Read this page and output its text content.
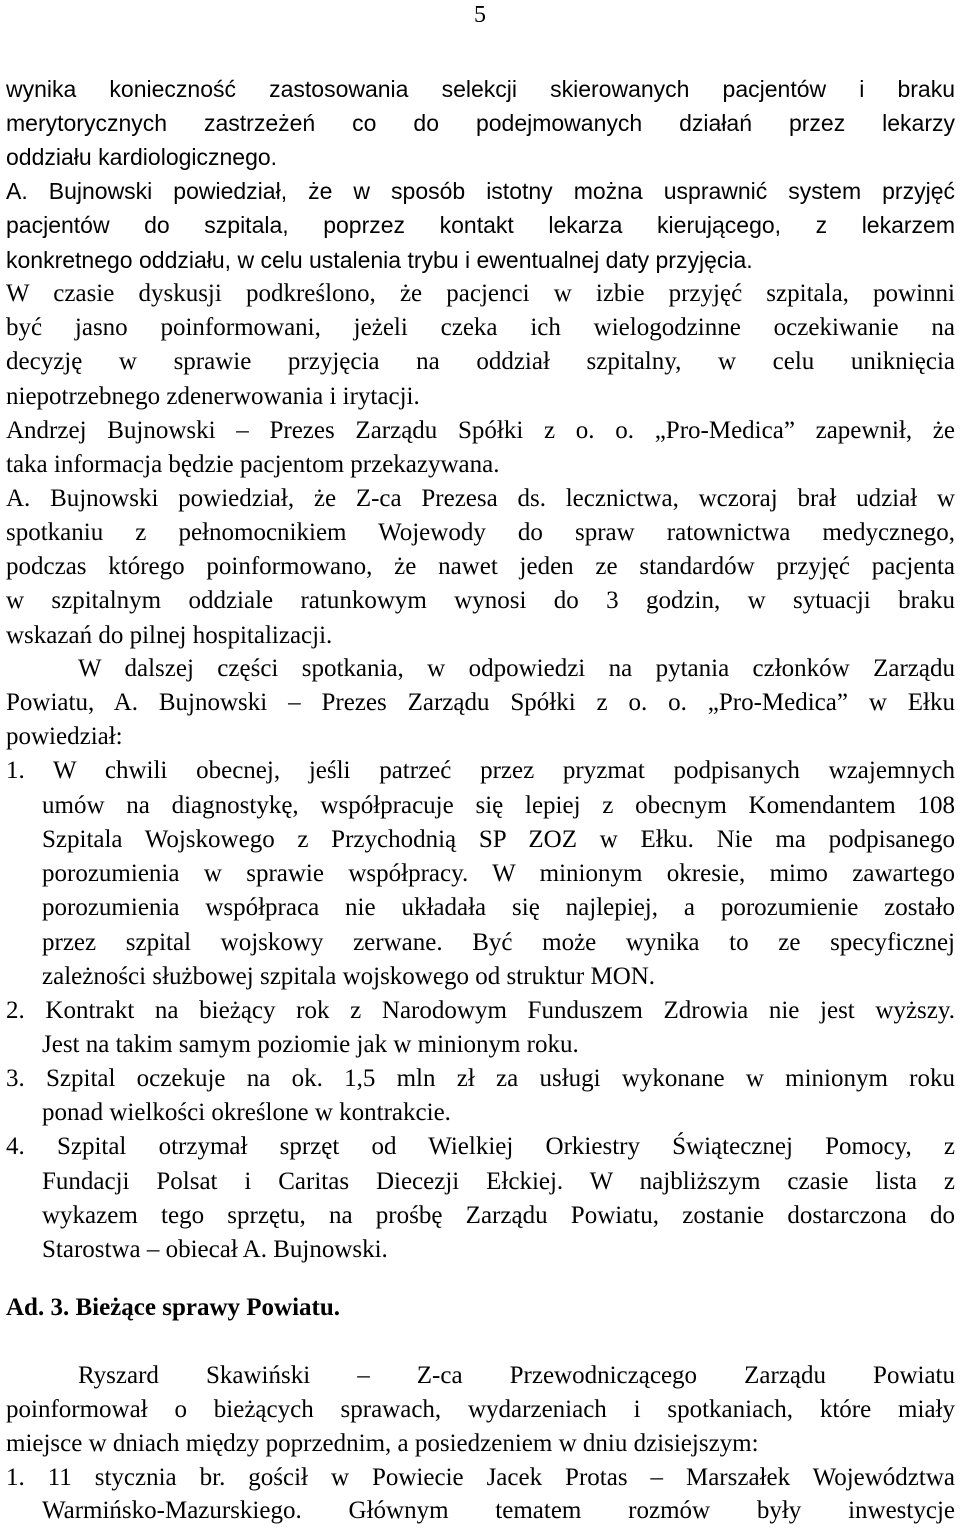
5
wynika konieczność zastosowania selekcji skierowanych pacjentów i braku
merytorycznych zastrzeżeń co do podejmowanych działań przez lekarzy
oddziału kardiologicznego.
A. Bujnowski powiedział, że w sposób istotny można usprawnić system przyjęć
pacjentów do szpitala, poprzez kontakt lekarza kierującego, z lekarzem
konkretnego oddziału, w celu ustalenia trybu i ewentualnej daty przyjęcia.
W czasie dyskusji podkreślono, że pacjenci w izbie przyjęć szpitala, powinni
być jasno poinformowani, jeżeli czeka ich wielogodzinne oczekiwanie na
decyzję w sprawie przyjęcia na oddział szpitalny, w celu uniknięcia
niepotrzebnego zdenerwowania i irytacji.
Andrzej Bujnowski – Prezes Zarządu Spółki z o. o. „Pro-Medica” zapewnił, że
taka informacja będzie pacjentom przekazywana.
A. Bujnowski powiedział, że Z-ca Prezesa ds. lecznictwa, wczoraj brał udział w
spotkaniu z pełnomocnikiem Wojewody do spraw ratownictwa medycznego,
podczas którego poinformowano, że nawet jeden ze standardów przyjęć pacjenta
w szpitalnym oddziale ratunkowym wynosi do 3 godzin, w sytuacji braku
wskazań do pilnej hospitalizacji.
W dalszej części spotkania, w odpowiedzi na pytania członków Zarządu
Powiatu, A. Bujnowski – Prezes Zarządu Spółki z o. o. „Pro-Medica” w Ełku
powiedział:
1. W chwili obecnej, jeśli patrzeć przez pryzmat podpisanych wzajemnych
umów na diagnostykę, współpracuje się lepiej z obecnym Komendantem 108
Szpitala Wojskowego z Przychodnią SP ZOZ w Ełku. Nie ma podpisanego
porozumienia w sprawie współpracy. W minionym okresie, mimo zawartego
porozumienia współpraca nie układała się najlepiej, a porozumienie zostało
przez szpital wojskowy zerwane. Być może wynika to ze specyficznej
zależności służbowej szpitala wojskowego od struktur MON.
2. Kontrakt na bieżący rok z Narodowym Funduszem Zdrowia nie jest wyższy.
Jest na takim samym poziomie jak w minionym roku.
3. Szpital oczekuje na ok. 1,5 mln zł za usługi wykonane w minionym roku
ponad wielkości określone w kontrakcie.
4. Szpital otrzymał sprzęt od Wielkiej Orkiestry Świątecznej Pomocy, z
Fundacji Polsat i Caritas Diecezji Ełckiej. W najbliższym czasie lista z
wykazem tego sprzętu, na prośbę Zarządu Powiatu, zostanie dostarczona do
Starostwa – obiecał A. Bujnowski.
Ad. 3. Bieżące sprawy Powiatu.
Ryszard Skawiński – Z-ca Przewodniczącego Zarządu Powiatu
poinformował o bieżących sprawach, wydarzeniach i spotkaniach, które miały
miejsce w dniach między poprzednim, a posiedzeniem w dniu dzisiejszym:
1. 11 stycznia br. gościł w Powiecie Jacek Protas – Marszałek Województwa
Warmińsko-Mazurskiego. Głównym tematem rozmów były inwestycje
